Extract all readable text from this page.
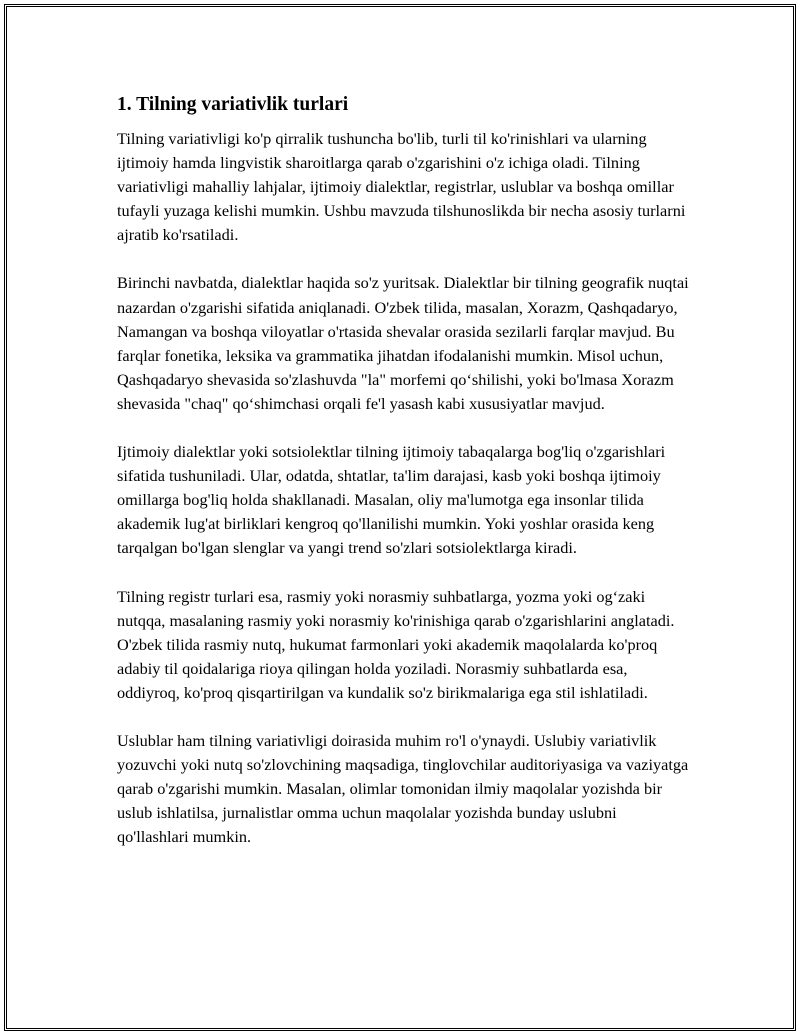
1. Tilning variativlik turlari

Tilning variativligi ko'p qirralik tushuncha bo'lib, turli til ko'rinishlari va ularning ijtimoiy hamda lingvistik sharoitlarga qarab o'zgarishini o'z ichiga oladi. Tilning variativligi mahalliy lahjalar, ijtimoiy dialektlar, registrlar, uslublar va boshqa omillar tufayli yuzaga kelishi mumkin. Ushbu mavzuda tilshunoslikda bir necha asosiy turlarni ajratib ko'rsatiladi.

Birinchi navbatda, dialektlar haqida so'z yuritsak. Dialektlar bir tilning geografik nuqtai nazardan o'zgarishi sifatida aniqlanadi. O'zbek tilida, masalan, Xorazm, Qashqadaryo, Namangan va boshqa viloyatlar o'rtasida shevalar orasida sezilarli farqlar mavjud. Bu farqlar fonetika, leksika va grammatika jihatdan ifodalanishi mumkin. Misol uchun, Qashqadaryo shevasida so'zlashuvda "la" morfemi qo‘shilishi, yoki bo'lmasa Xorazm shevasida "chaq" qo‘shimchasi orqali fe'l yasash kabi xususiyatlar mavjud.

Ijtimoiy dialektlar yoki sotsiolektlar tilning ijtimoiy tabaqalarga bog'liq o'zgarishlari sifatida tushuniladi. Ular, odatda, shtatlar, ta'lim darajasi, kasb yoki boshqa ijtimoiy omillarga bog'liq holda shakllanadi. Masalan, oliy ma'lumotga ega insonlar tilida akademik lug'at birliklari kengroq qo'llanilishi mumkin. Yoki yoshlar orasida keng tarqalgan bo'lgan slenglar va yangi trend so'zlari sotsiolektlarga kiradi.

Tilning registr turlari esa, rasmiy yoki norasmiy suhbatlarga, yozma yoki og‘zaki nutqqa, masalaning rasmiy yoki norasmiy ko'rinishiga qarab o'zgarishlarini anglatadi. O'zbek tilida rasmiy nutq, hukumat farmonlari yoki akademik maqolalarda ko'proq adabiy til qoidalariga rioya qilingan holda yoziladi. Norasmiy suhbatlarda esa, oddiyroq, ko'proq qisqartirilgan va kundalik so'z birikmalariga ega stil ishlatiladi.

Uslublar ham tilning variativligi doirasida muhim ro'l o'ynaydi. Uslubiy variativlik yozuvchi yoki nutq so'zlovchining maqsadiga, tinglovchilar auditoriyasiga va vaziyatga qarab o'zgarishi mumkin. Masalan, olimlar tomonidan ilmiy maqolalar yozishda bir uslub ishlatilsa, jurnalistlar omma uchun maqolalar yozishda bunday uslubni qo'llashlari mumkin.
